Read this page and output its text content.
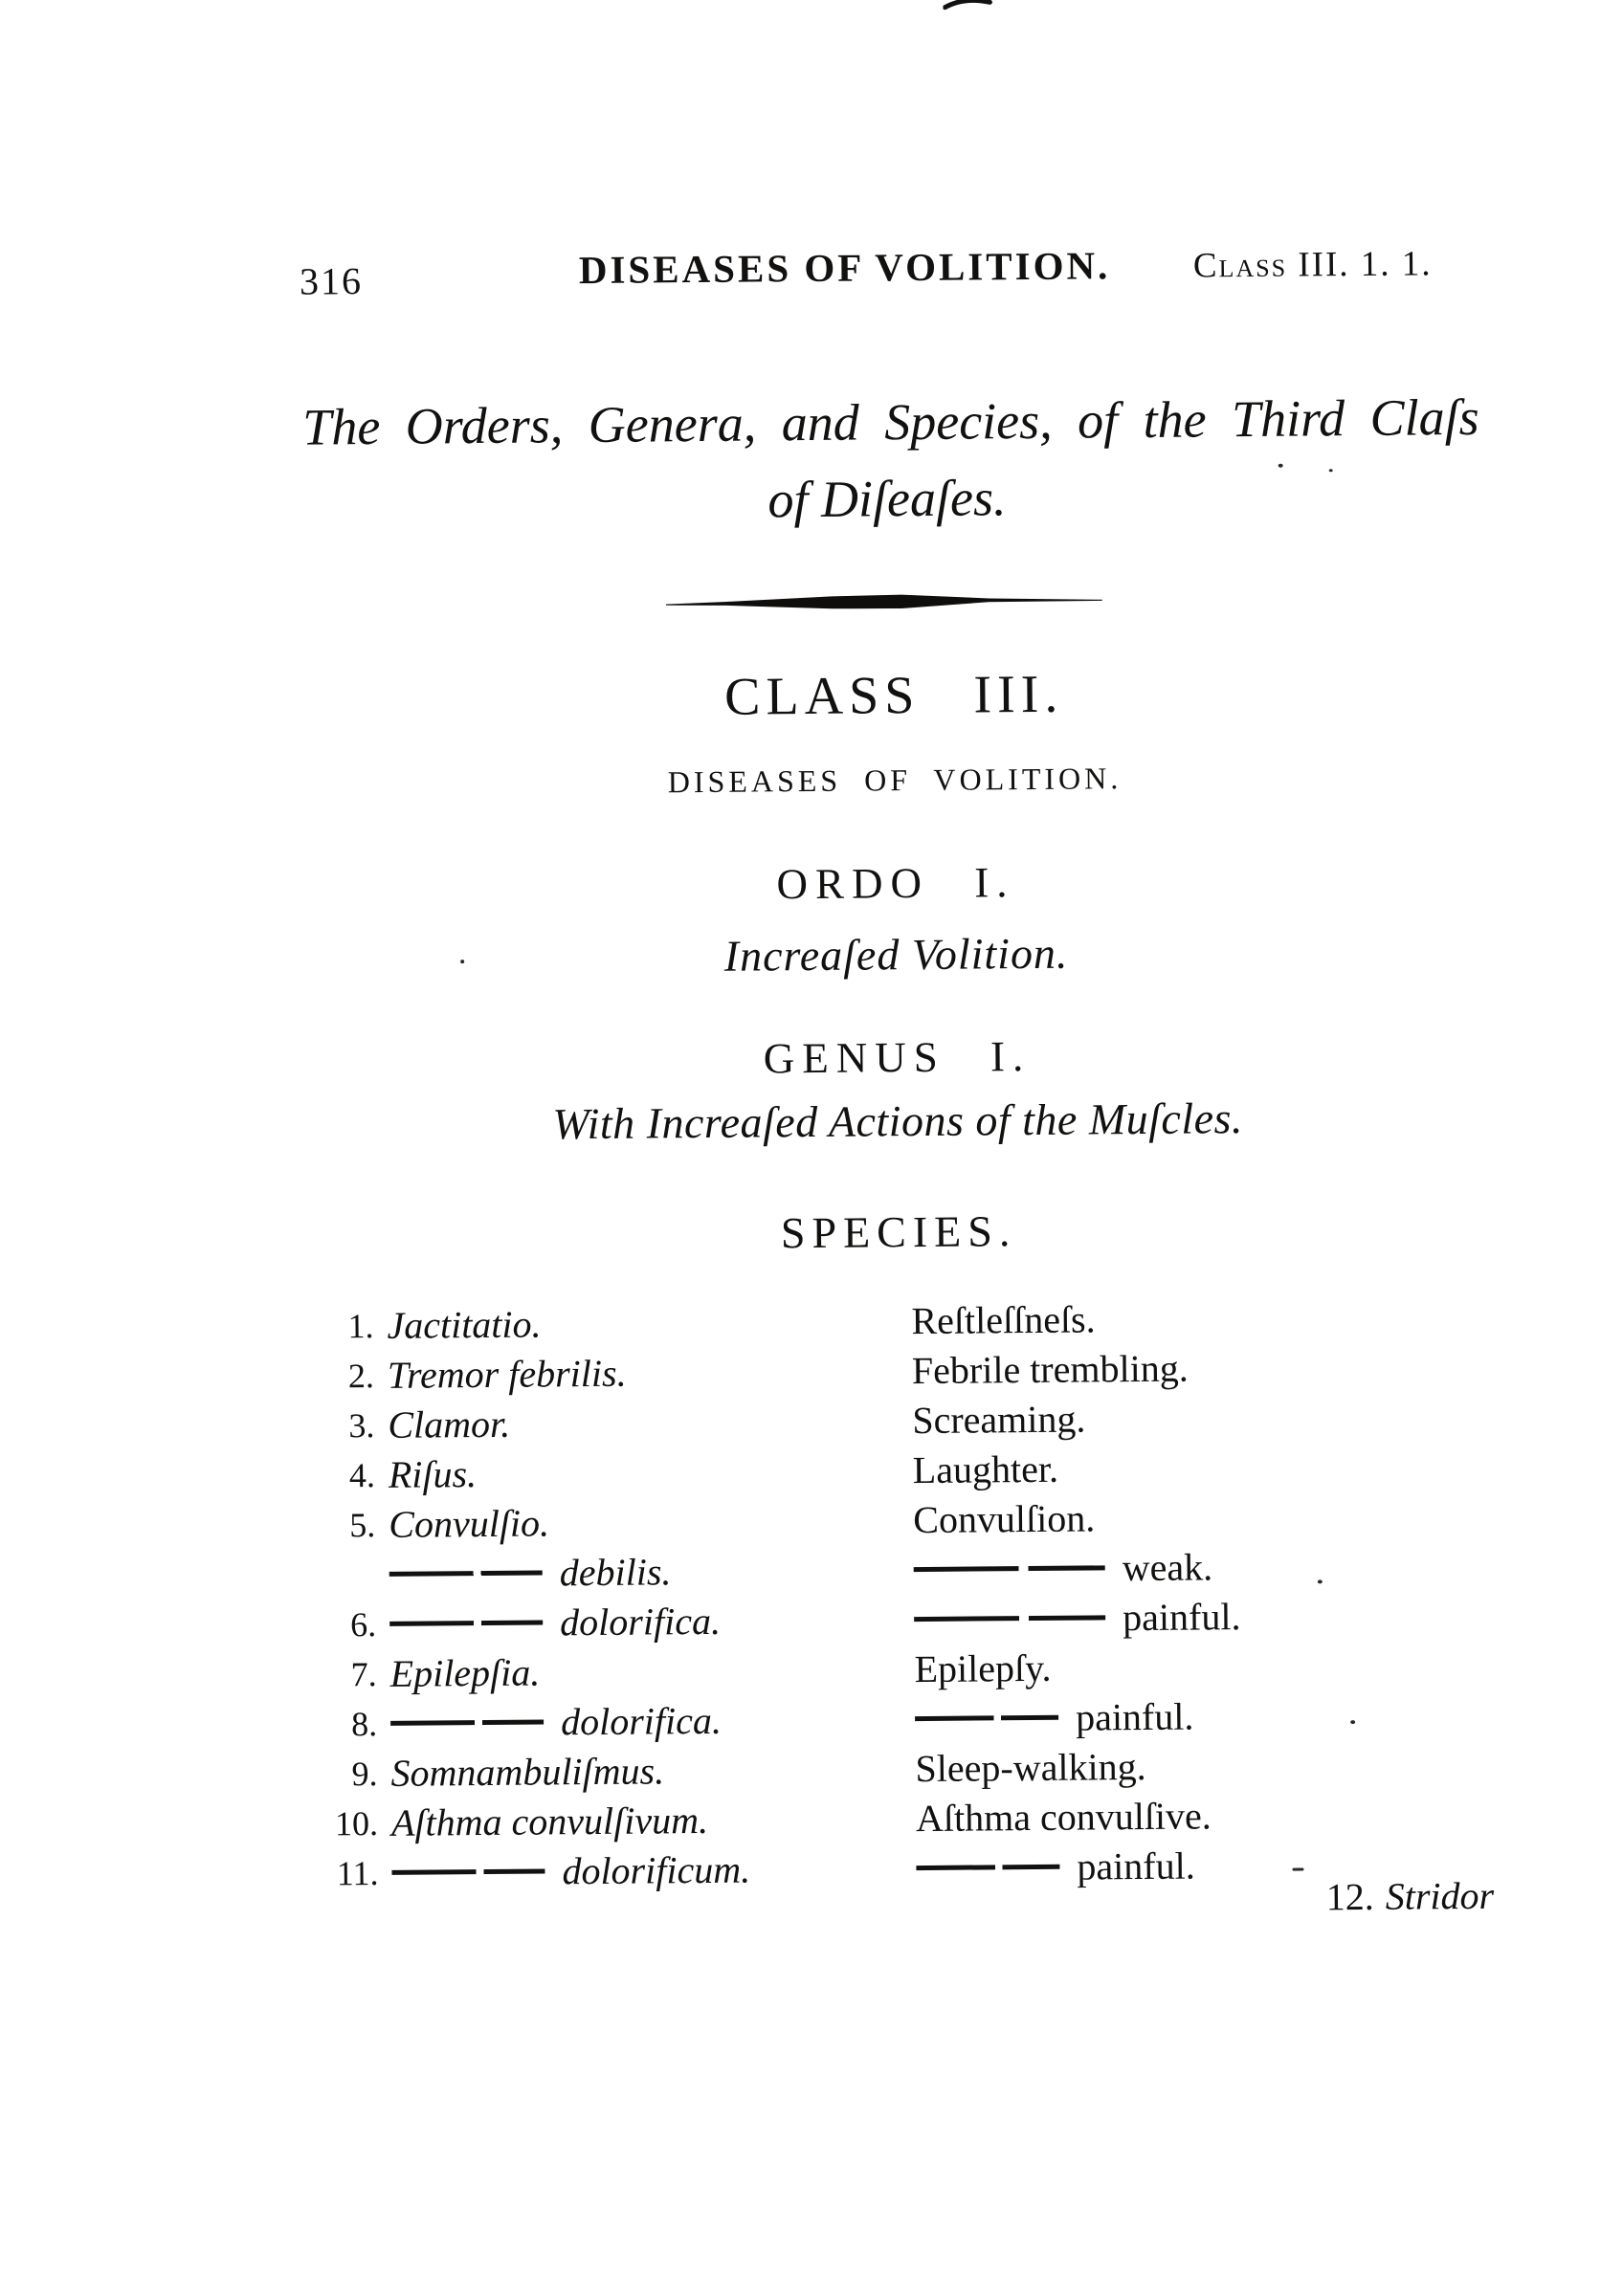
316	DISEASES OF VOLITION. Class III. 1. 1.
The Orders, Genera, and Species, of the Third Claſs
of Diſeaſes.
CLASS III.
DISEASES OF VOLITION.
ORDO I.
Increaſed Volition.
GENUS I.
With Increaſed Actions of the Muſcles.
SPECIES.
1. Jactitatio.	Reſtleſſneſs.
2. Tremor febrilis.	Febrile trembling.
3. Clamor.	Screaming.
4. Riſus.	Laughter.
5. Convulſio.	Convulſion.
debilis.	weak.
6.	dolorifica.	painful.
7. Epilepſia.	Epilepſy.
8.	dolorifica.	painful.
9. Somnambuliſmus.	Sleep-walking.
10. Aſthma convulſivum.	Aſthma convulſive.
11.	dolorificum.	painful.
12. Stridor
